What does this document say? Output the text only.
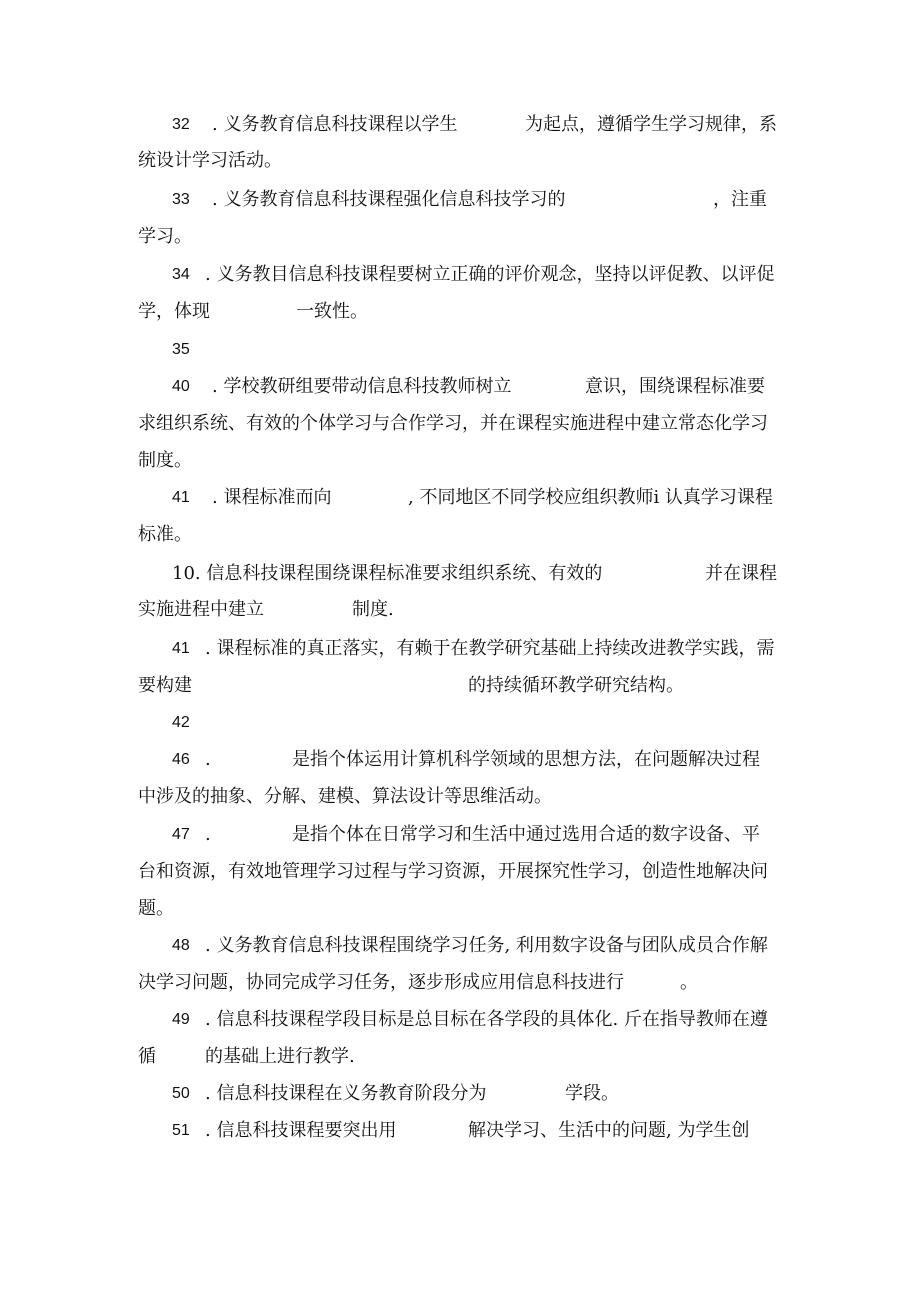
32 . 义务教育信息科技课程以学生	为起点，遵循学生学习规律，系
统设计学习活动。
33 . 义务教育信息科技课程强化信息科技学习的	，注重
学习。
34 . 义务教目信息科技课程要树立正确的评价观念，坚持以评促教、以评促
学，体现	一致性。
35
40 . 学校教研组要带动信息科技教师树立	意识，围绕课程标准要
求组织系统、有效的个体学习与合作学习，并在课程实施进程中建立常态化学习
制度。
41 . 课程标准而向	, 不同地区不同学校应组织教师i 认真学习课程
标准。
10. 信息科技课程围绕课程标准要求组织系统、有效的	并在课程
实施进程中建立	制度.
41 . 课程标准的真正落实，有赖于在教学研究基础上持续改进教学实践，需
要构建	的持续循环教学研究结构。
42
46 .	是指个体运用计算机科学领域的思想方法，在问题解决过程
中涉及的抽象、分解、建模、算法设计等思维活动。
47 .	是指个体在日常学习和生活中通过选用合适的数字设备、平
台和资源，有效地管理学习过程与学习资源，开展探究性学习，创造性地解决问
题。
48 . 义务教育信息科技课程围绕学习任务, 利用数字设备与团队成员合作解
决学习问题，协同完成学习任务，逐步形成应用信息科技进行	。
49 . 信息科技课程学段目标是总目标在各学段的具体化. 斤在指导教师在遵
循	的基础上进行教学.
50 . 信息科技课程在义务教育阶段分为	学段。
51 . 信息科技课程要突出用	解决学习、生活中的问题, 为学生创
